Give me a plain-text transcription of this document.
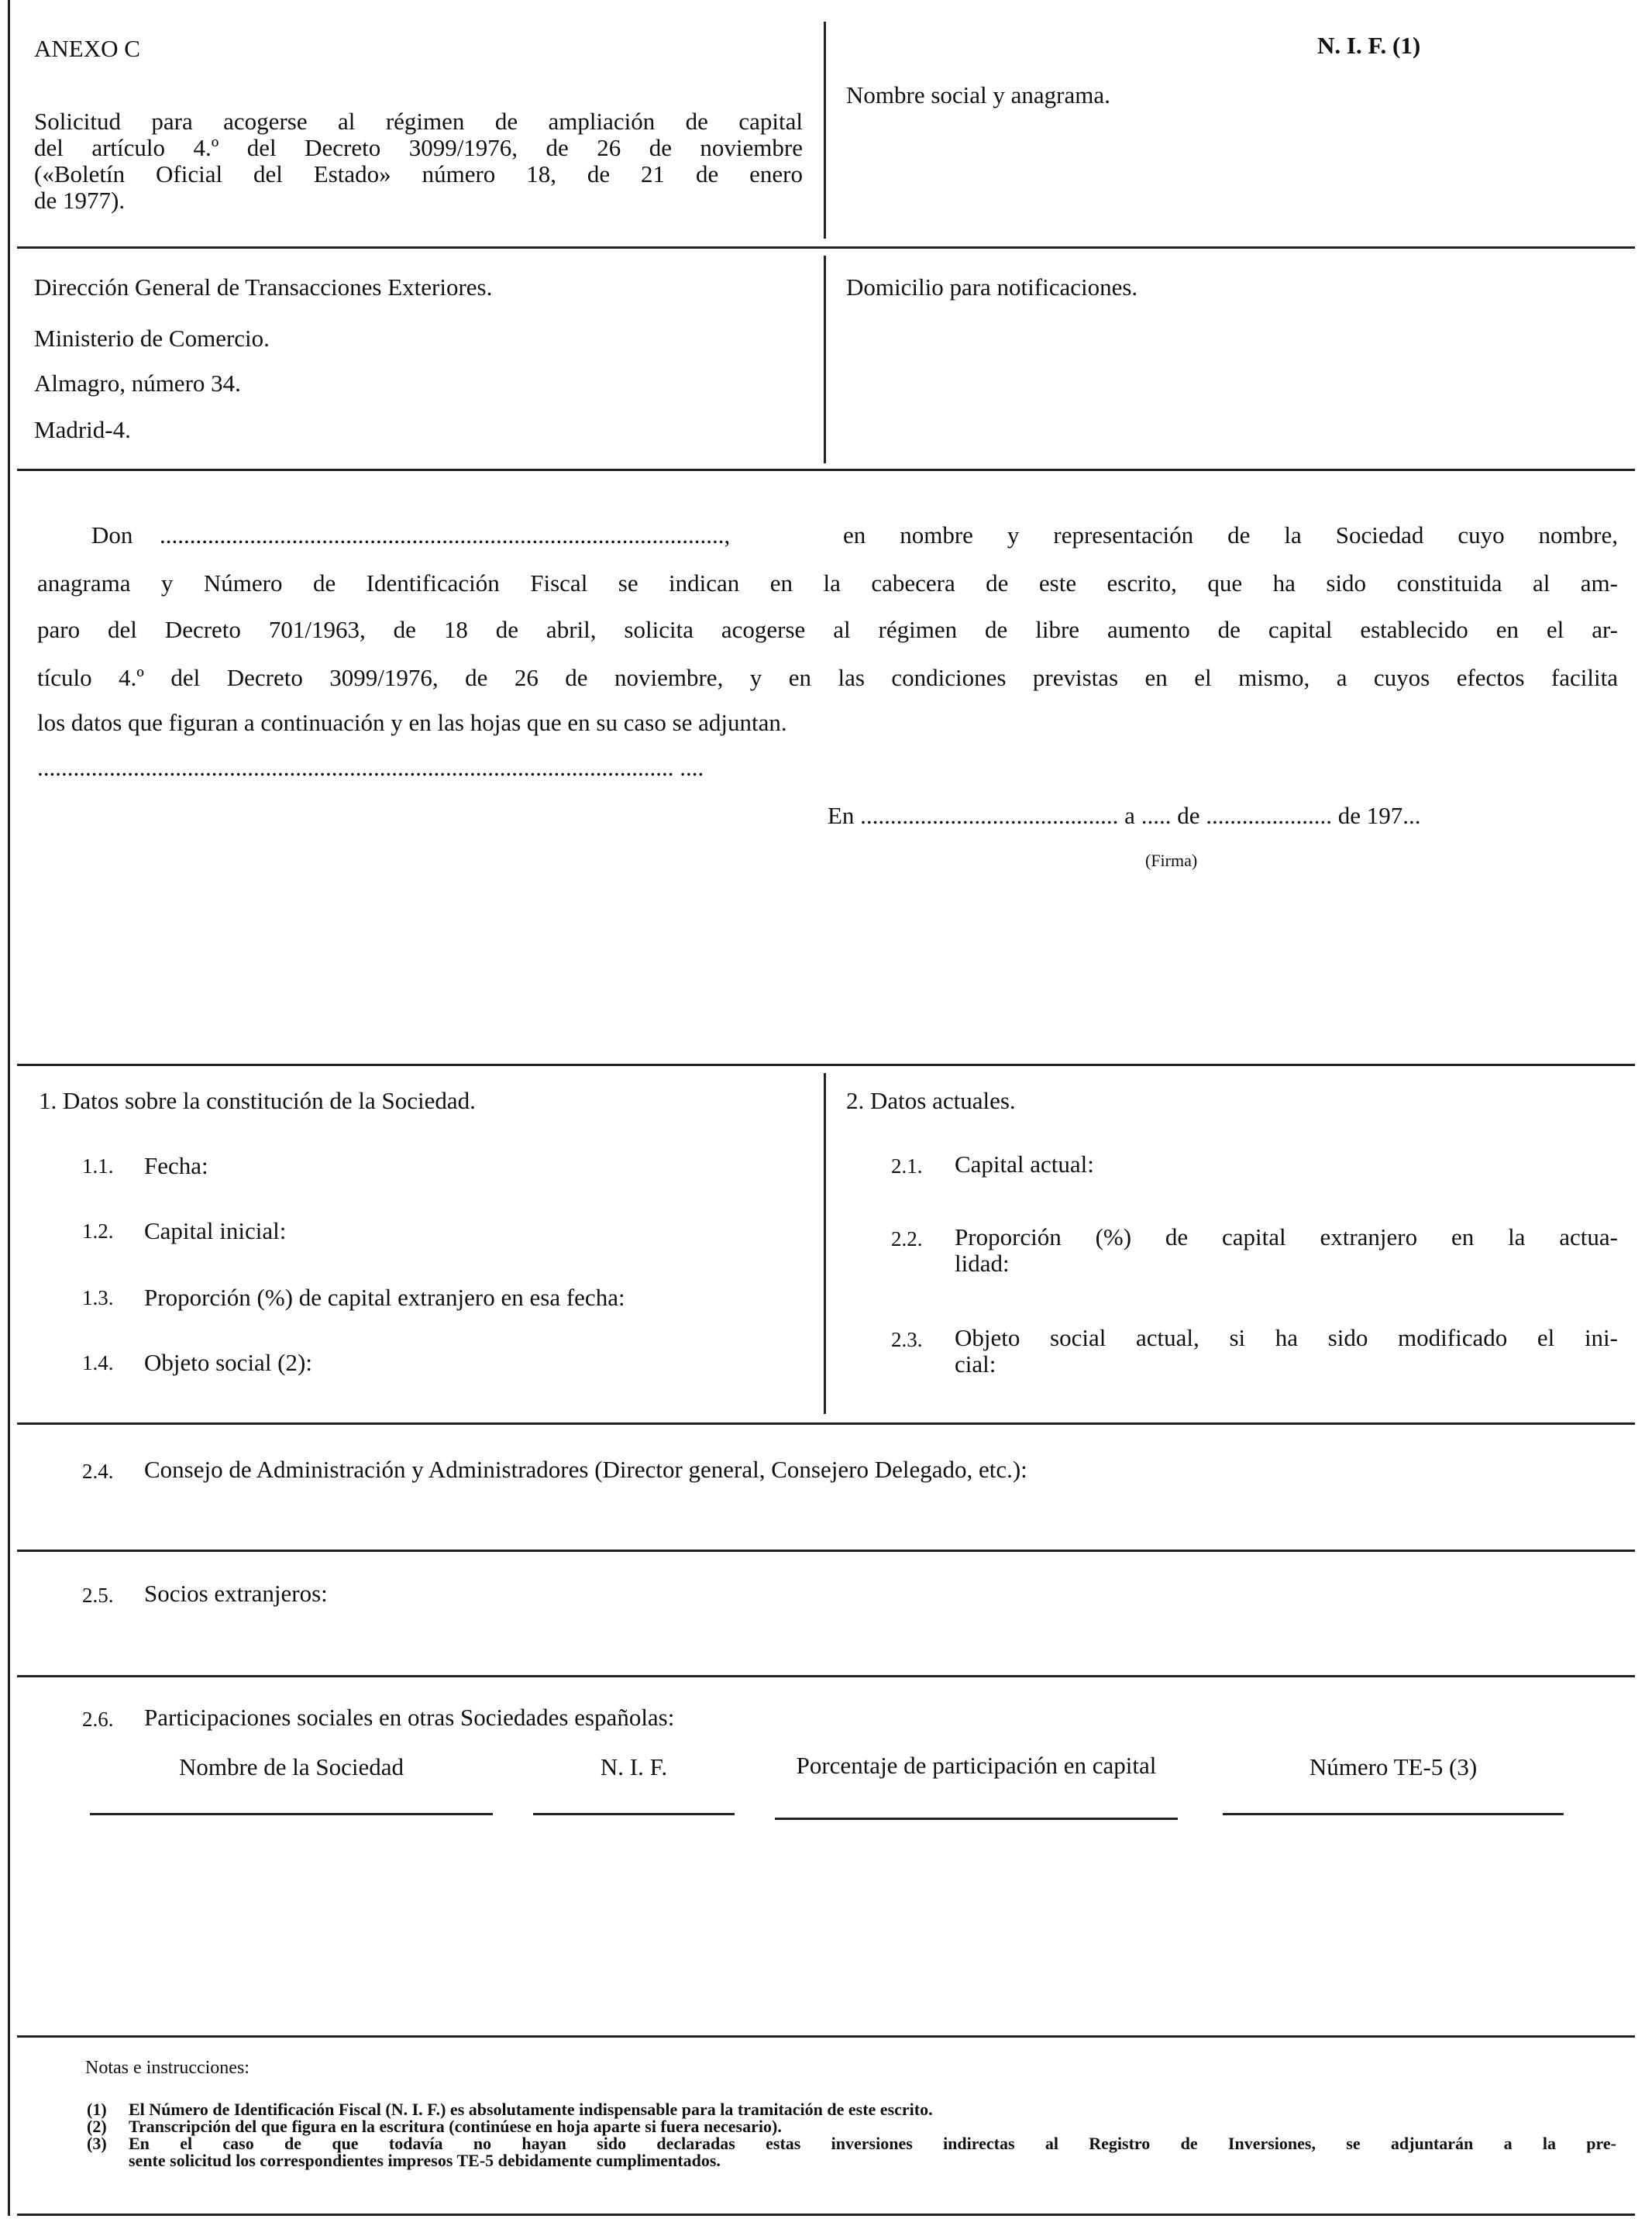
ANEXO C
Solicitud para acogerse al régimen de ampliación de capital
del artículo 4.º del Decreto 3099/1976, de 26 de noviembre
(«Boletín Oficial del Estado» número 18, de 21 de enero
de 1977).
N. I. F. (1)
Nombre social y anagrama.
Dirección General de Transacciones Exteriores.
Ministerio de Comercio.
Almagro, número 34.
Madrid-4.
Domicilio para notificaciones.
Don ..............................................................................................,	en nombre y representación de la Sociedad cuyo nombre,
anagrama y Número de Identificación Fiscal se indican en la cabecera de este escrito, que ha sido constituida al am-
paro del Decreto 701/1963, de 18 de abril, solicita acogerse al régimen de libre aumento de capital establecido en el ar-
tículo 4.º del Decreto 3099/1976, de 26 de noviembre, y en las condiciones previstas en el mismo, a cuyos efectos facilita
los datos que figuran a continuación y en las hojas que en su caso se adjuntan.
.......................................................................................................... ....
En ........................................... a ..... de ..................... de 197...
(Firma)
1. Datos sobre la constitución de la Sociedad.
1.1. Fecha:
1.2. Capital inicial:
1.3. Proporción (%) de capital extranjero en esa fecha:
1.4. Objeto social (2):
2. Datos actuales.
2.1. Capital actual:
2.2. Proporción (%) de capital extranjero en la actua-
lidad:
2.3. Objeto social actual, si ha sido modificado el ini-
cial:
2.4. Consejo de Administración y Administradores (Director general, Consejero Delegado, etc.):
2.5. Socios extranjeros:
2.6. Participaciones sociales en otras Sociedades españolas:
Nombre de la Sociedad	N. I. F.	Porcentaje de participación en capital	Número TE-5 (3)
Notas e instrucciones:
(1) El Número de Identificación Fiscal (N. I. F.) es absolutamente indispensable para la tramitación de este escrito.
(2) Transcripción del que figura en la escritura (continúese en hoja aparte si fuera necesario).
(3) En el caso de que todavía no hayan sido declaradas estas inversiones indirectas al Registro de Inversiones, se adjuntarán a la pre-
sente solicitud los correspondientes impresos TE-5 debidamente cumplimentados.
